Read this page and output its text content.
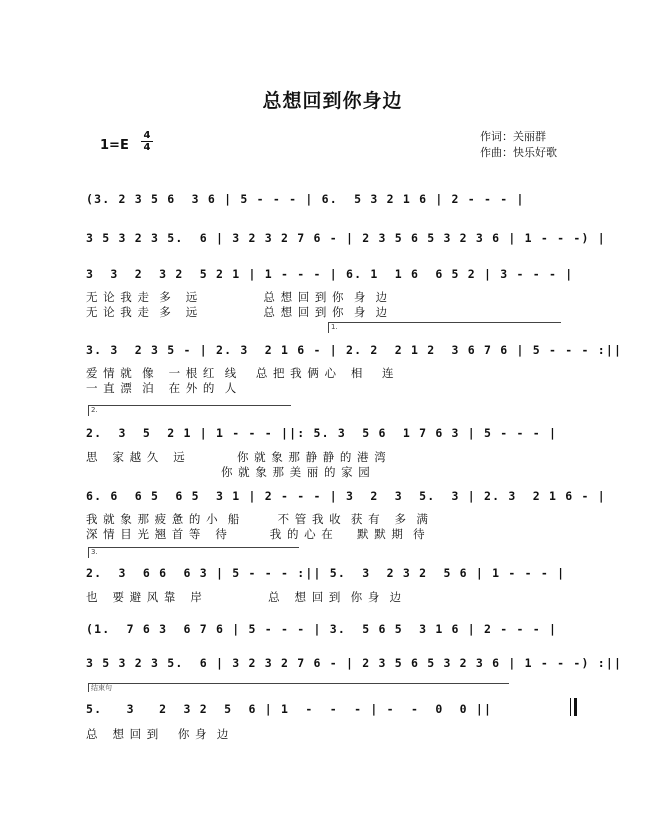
总想回到你身边
1=E
4
4
作词：关丽群
作曲：快乐好歌
(3. 2 3 5 6  3 6 | 5 - - - | 6.  5 3 2 1 6 | 2 - - - |
3 5 3 2 3 5.  6 | 3 2 3 2 7 6 - | 2 3 5 6 5 3 2 3 6 | 1 - - -) |
3  3  2  3 2  5 2 1 | 1 - - - | 6. 1  1 6  6 5 2 | 3 - - - |
无 论 我 走  多   远              总 想 回 到 你  身  边
无 论 我 走  多   远              总 想 回 到 你  身  边
1.
3. 3  2 3 5 - | 2. 3  2 1 6 - | 2. 2  2 1 2  3 6 7 6 | 5 - - - :||
爱 情 就  像   一 根 红  线    总 把 我 俩 心   相    连
一 直 漂  泊   在 外 的  人
2.
2.  3  5  2 1 | 1 - - - ||: 5. 3  5 6  1 7 6 3 | 5 - - - |
思   家 越 久   远           你 就 象 那 静 静 的 港 湾
你 就 象 那 美 丽 的 家 园
6. 6  6 5  6 5  3 1 | 2 - - - | 3  2  3  5.  3 | 2. 3  2 1 6 - |
我 就 象 那 疲 惫 的 小  船        不 管 我 收  获 有   多  满
深 情 目 光 翘 首 等   待         我 的 心 在     默 默 期  待
3.
2.  3  6 6  6 3 | 5 - - - :|| 5.  3  2 3 2  5 6 | 1 - - - |
也   要 避 风 靠   岸              总   想 回 到  你 身  边
(1.  7 6 3  6 7 6 | 5 - - - | 3.  5 6 5  3 1 6 | 2 - - - |
3 5 3 2 3 5.  6 | 3 2 3 2 7 6 - | 2 3 5 6 5 3 2 3 6 | 1 - - -) :||
结束句
5.   3   2  3 2  5  6 | 1  -  -  - | -  -  0  0 ||
总   想 回 到    你 身  边
